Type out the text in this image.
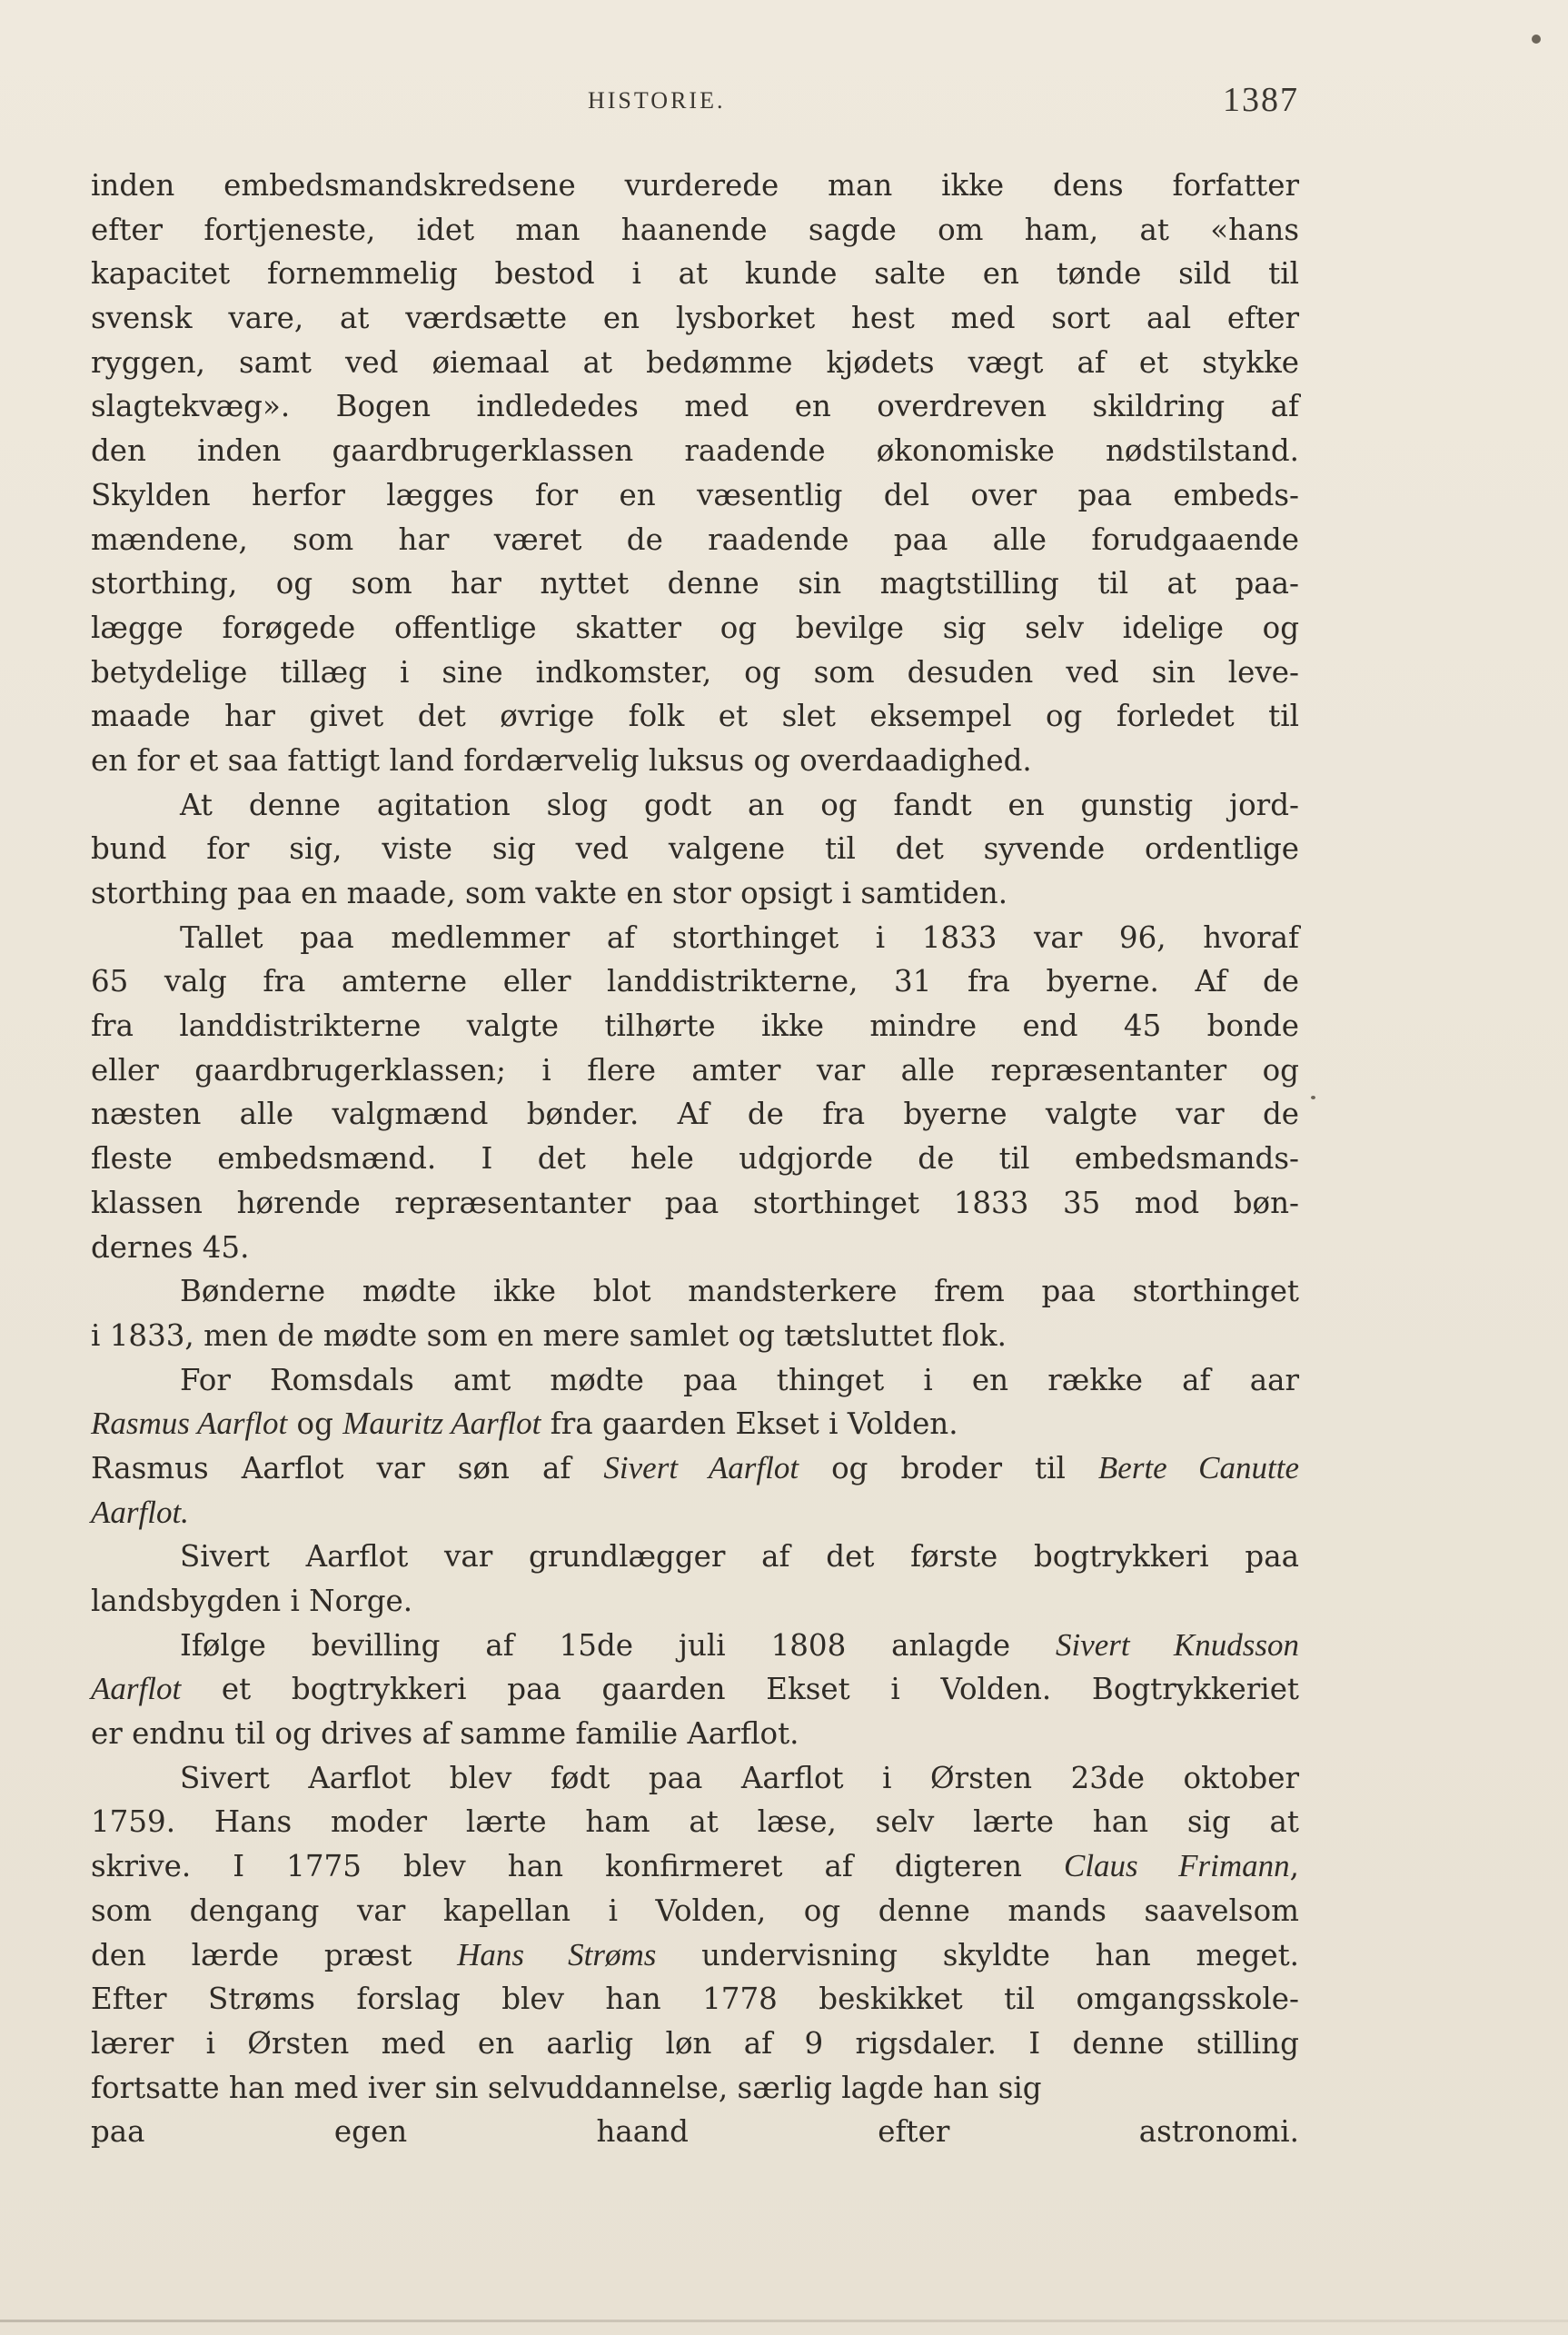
HISTORIE.	1387
inden embedsmandskredsene vurderede man ikke dens forfatter
efter fortjeneste, idet man haanende sagde om ham, at «hans
kapacitet fornemmelig bestod i at kunde salte en tønde sild til
svensk vare, at værdsætte en lysborket hest med sort aal efter
ryggen, samt ved øiemaal at bedømme kjødets vægt af et stykke
slagtekvæg». Bogen indlededes med en overdreven skildring af
den inden gaardbrugerklassen raadende økonomiske nødstilstand.
Skylden herfor lægges for en væsentlig del over paa embeds-
mændene, som har været de raadende paa alle forudgaaende
storthing, og som har nyttet denne sin magtstilling til at paa-
lægge forøgede offentlige skatter og bevilge sig selv idelige og
betydelige tillæg i sine indkomster, og som desuden ved sin leve-
maade har givet det øvrige folk et slet eksempel og forledet til
en for et saa fattigt land fordærvelig luksus og overdaadighed.
At denne agitation slog godt an og fandt en gunstig jord-
bund for sig, viste sig ved valgene til det syvende ordentlige
storthing paa en maade, som vakte en stor opsigt i samtiden.
Tallet paa medlemmer af storthinget i 1833 var 96, hvoraf
65 valg fra amterne eller landdistrikterne, 31 fra byerne. Af de
fra landdistrikterne valgte tilhørte ikke mindre end 45 bonde
eller gaardbrugerklassen; i flere amter var alle repræsentanter og
næsten alle valgmænd bønder. Af de fra byerne valgte var de
fleste embedsmænd. I det hele udgjorde de til embedsmands-
klassen hørende repræsentanter paa storthinget 1833 35 mod bøn-
dernes 45.
Bønderne mødte ikke blot mandsterkere frem paa storthinget
i 1833, men de mødte som en mere samlet og tætsluttet flok.
For Romsdals amt mødte paa thinget i en række af aar
Rasmus Aarflot og Mauritz Aarflot fra gaarden Ekset i Volden.
Rasmus Aarflot var søn af Sivert Aarflot og broder til Berte Canutte
Aarflot.
Sivert Aarflot var grundlægger af det første bogtrykkeri paa
landsbygden i Norge.
Ifølge bevilling af 15de juli 1808 anlagde Sivert Knudsson
Aarflot et bogtrykkeri paa gaarden Ekset i Volden. Bogtrykkeriet
er endnu til og drives af samme familie Aarflot.
Sivert Aarflot blev født paa Aarflot i Ørsten 23de oktober
1759. Hans moder lærte ham at læse, selv lærte han sig at
skrive. I 1775 blev han konfirmeret af digteren Claus Frimann,
som dengang var kapellan i Volden, og denne mands saavelsom
den lærde præst Hans Strøms undervisning skyldte han meget.
Efter Strøms forslag blev han 1778 beskikket til omgangsskole-
lærer i Ørsten med en aarlig løn af 9 rigsdaler. I denne stilling
fortsatte han med iver sin selvuddannelse, særlig lagde han sig
paa egen haand efter astronomi.
